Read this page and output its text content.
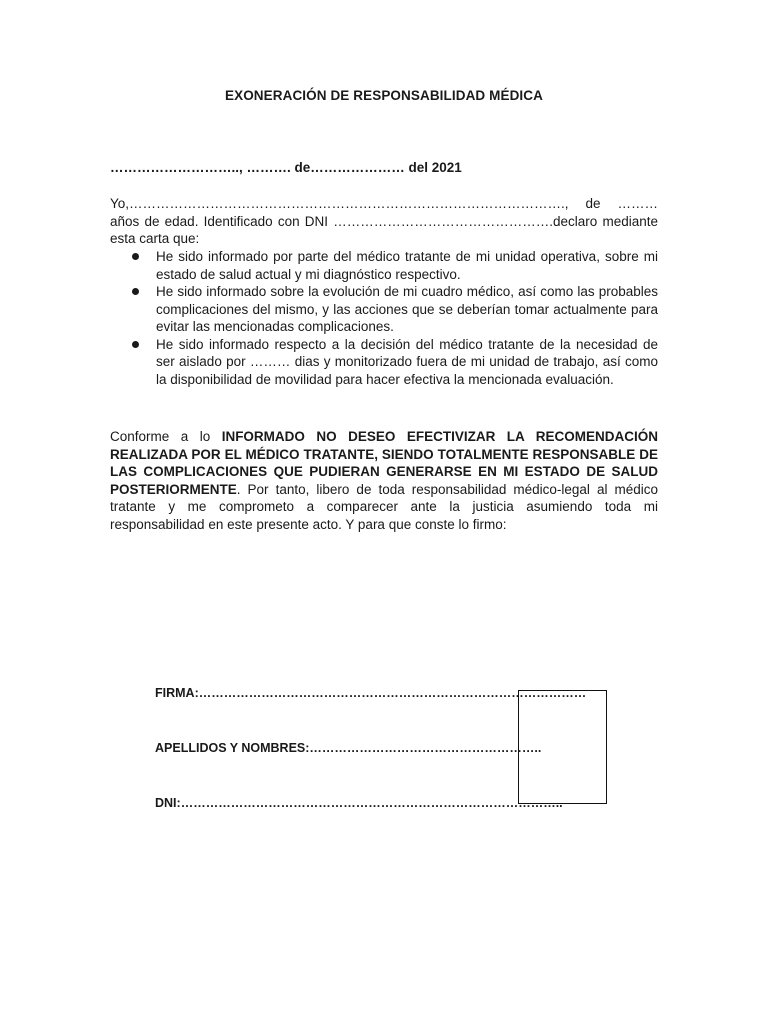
EXONERACIÓN DE RESPONSABILIDAD MÉDICA
……………………….., ………. de………………… del 2021
Yo,……………………………………………………………………………………., de ……… años de edad. Identificado con DNI ………………………………………….declaro mediante esta carta que:
He sido informado por parte del médico tratante de mi unidad operativa, sobre mi estado de salud actual y mi diagnóstico respectivo.
He sido informado sobre la evolución de mi cuadro médico, así como las probables complicaciones del mismo, y las acciones que se deberían tomar actualmente para evitar las mencionadas complicaciones.
He sido informado respecto a la decisión del médico tratante de la necesidad de ser aislado por ……… dias y monitorizado fuera de mi unidad de trabajo, así como la disponibilidad de movilidad para hacer efectiva la mencionada evaluación.
Conforme a lo INFORMADO NO DESEO EFECTIVIZAR LA RECOMENDACIÓN REALIZADA POR EL MÉDICO TRATANTE, SIENDO TOTALMENTE RESPONSABLE DE LAS COMPLICACIONES QUE PUDIERAN GENERARSE EN MI ESTADO DE SALUD POSTERIORMENTE. Por tanto, libero de toda responsabilidad médico-legal al médico tratante y me comprometo a comparecer ante la justicia asumiendo toda mi responsabilidad en este presente acto. Y para que conste lo firmo:
FIRMA:…………………………………………………………………………………
APELLIDOS Y NOMBRES:………………………………………………..
DNI:………………………………………………………………………………..
